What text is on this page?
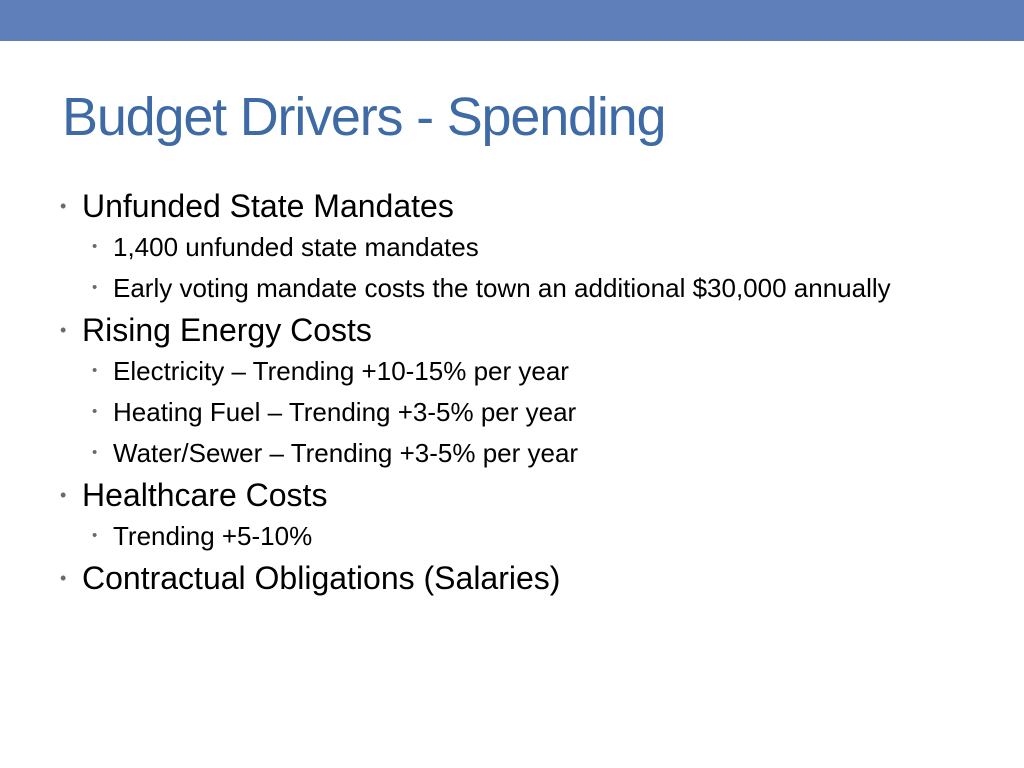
Budget Drivers - Spending
• Unfunded State Mandates
• 1,400 unfunded state mandates
• Early voting mandate costs the town an additional $30,000 annually
• Rising Energy Costs
• Electricity – Trending +10-15% per year
• Heating Fuel – Trending +3-5% per year
• Water/Sewer – Trending +3-5% per year
• Healthcare Costs
• Trending +5-10%
• Contractual Obligations (Salaries)
